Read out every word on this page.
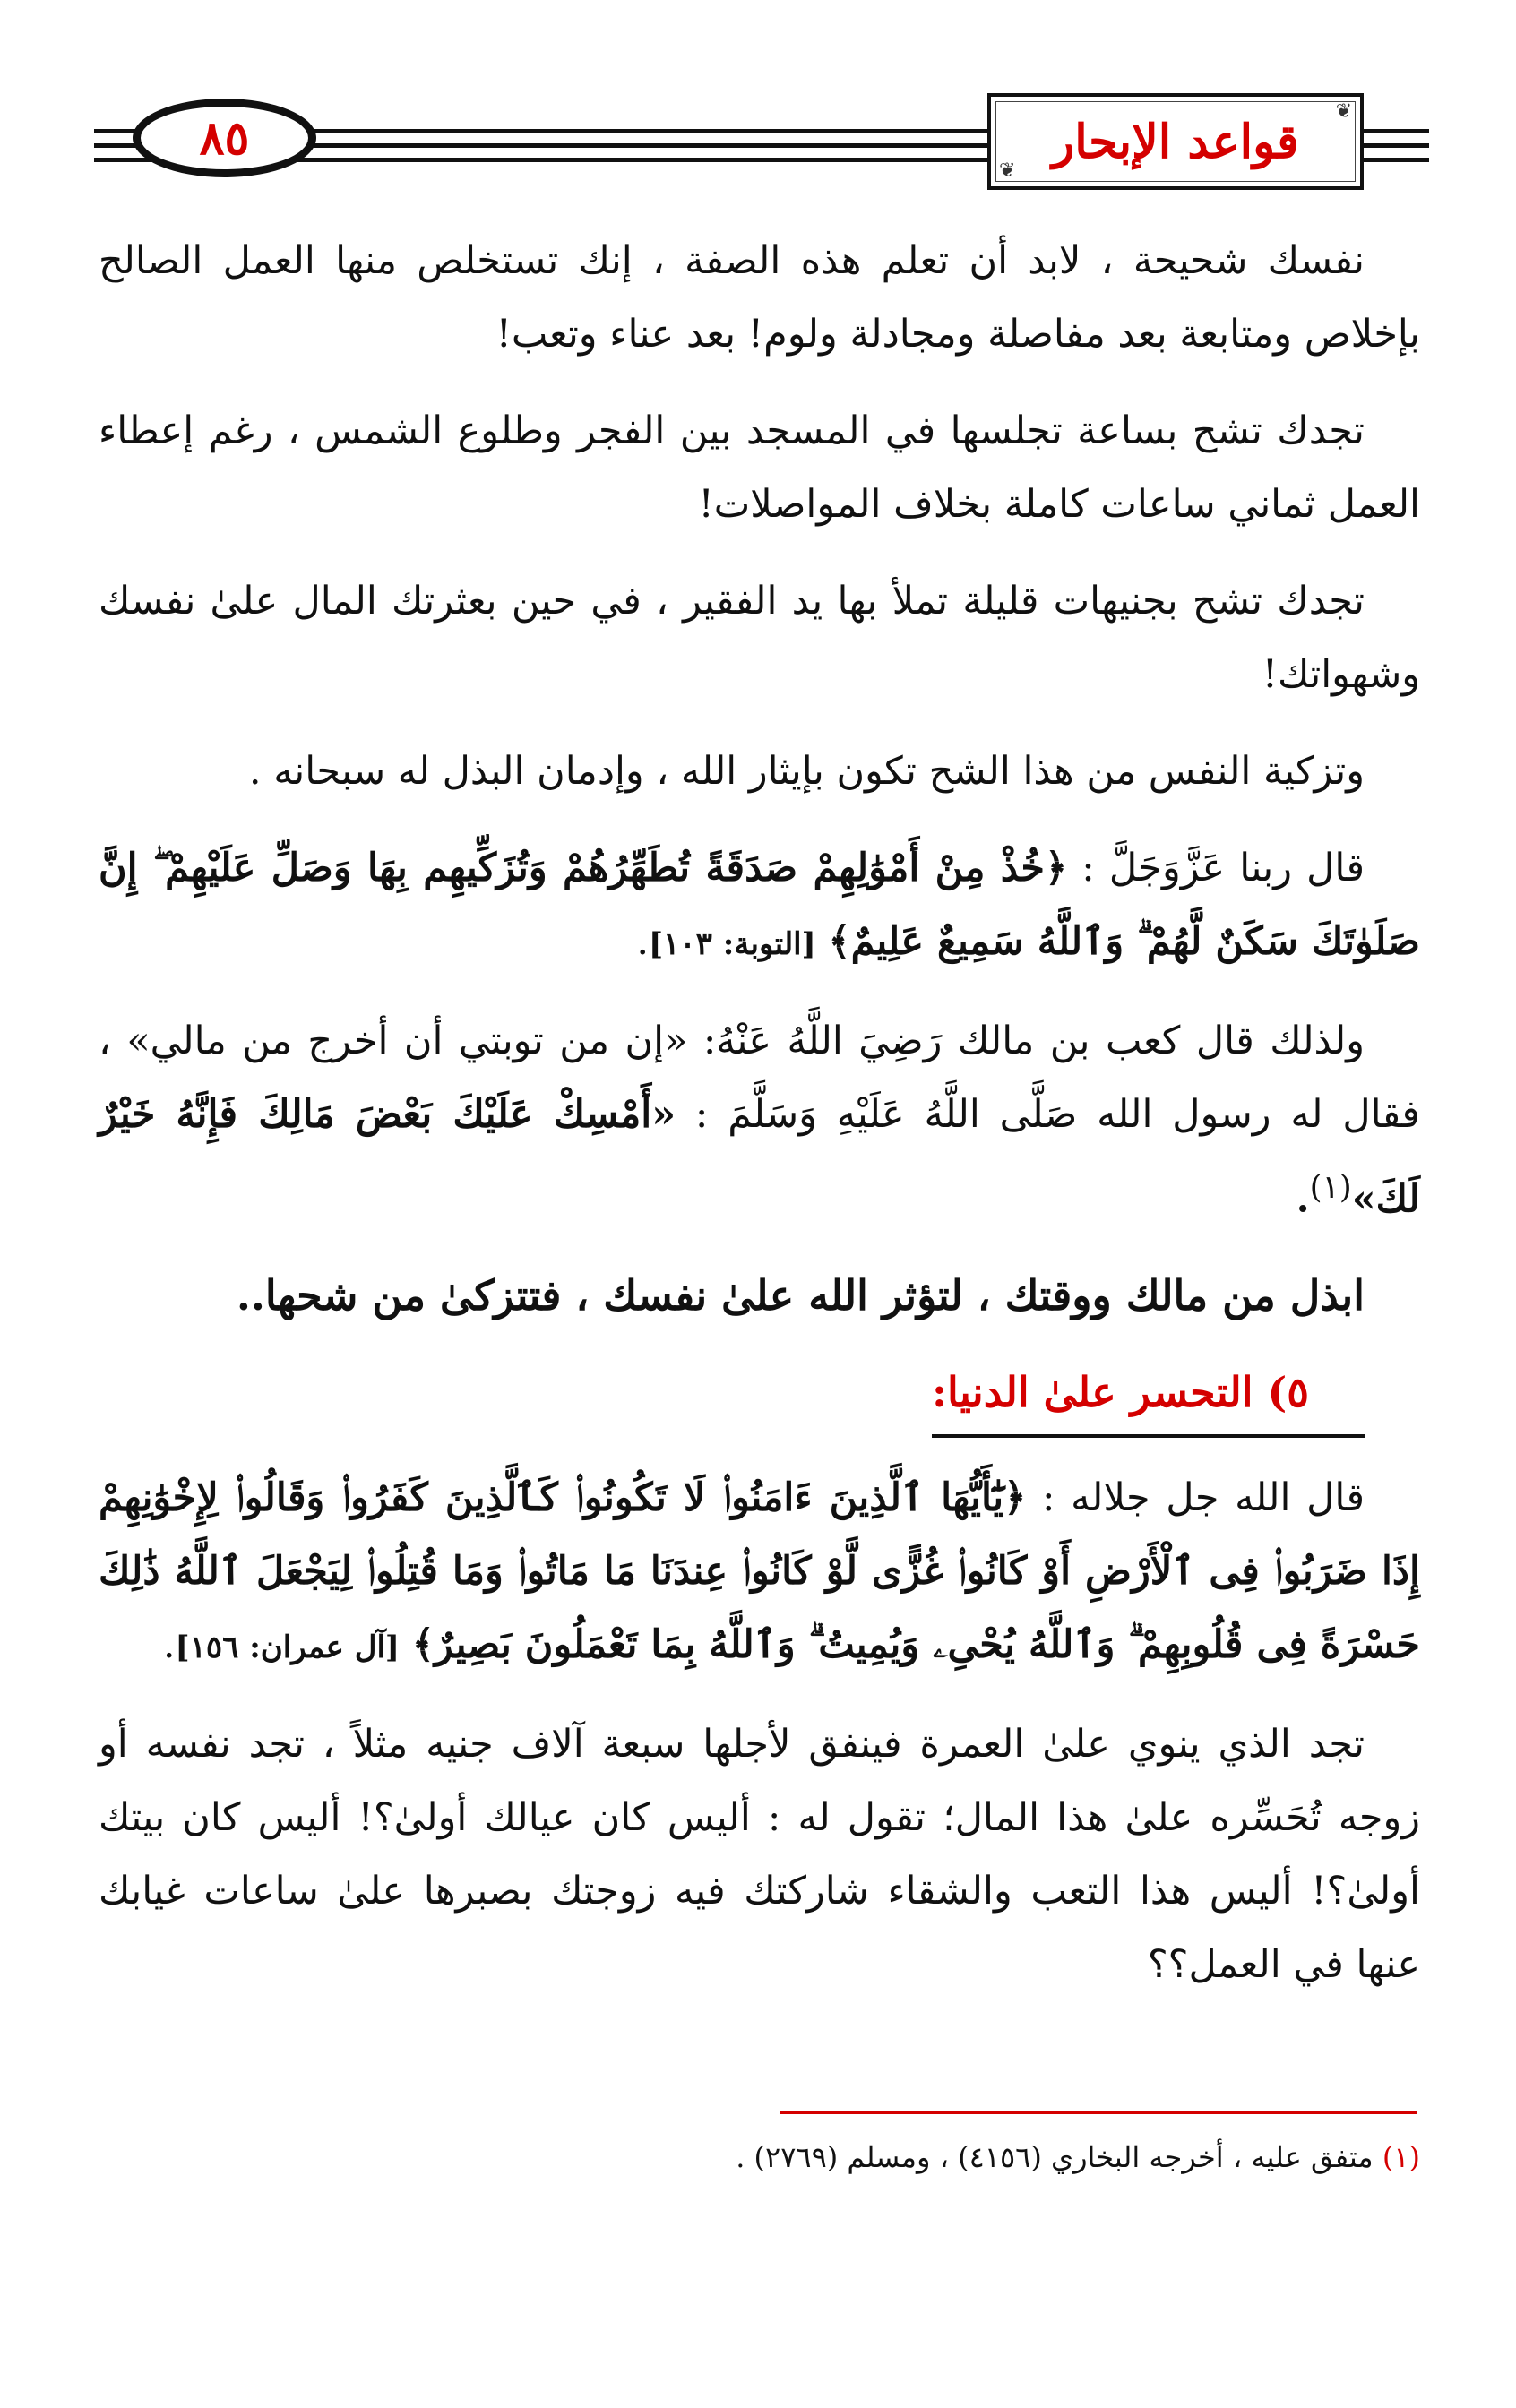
٨٥	❦
قواعد الإبحار
❦

نفسك شحيحة ، لابد أن تعلم هذه الصفة ، إنك تستخلص منها العمل الصالح بإخلاص ومتابعة بعد مفاصلة ومجادلة ولوم! بعد عناء وتعب!

تجدك تشح بساعة تجلسها في المسجد بين الفجر وطلوع الشمس ، رغم إعطاء العمل ثماني ساعات كاملة بخلاف المواصلات!

تجدك تشح بجنيهات قليلة تملأ بها يد الفقير ، في حين بعثرتك المال علىٰ نفسك وشهواتك!

وتزكية النفس من هذا الشح تكون بإيثار الله ، وإدمان البذل له سبحانه .

قال ربنا عَزَّوَجَلَّ : ﴿خُذْ مِنْ أَمْوَٰلِهِمْ صَدَقَةً تُطَهِّرُهُمْ وَتُزَكِّيهِم بِهَا وَصَلِّ عَلَيْهِمْ ۖ إِنَّ صَلَوٰتَكَ سَكَنٌ لَّهُمْ ۗ وَٱللَّهُ سَمِيعٌ عَلِيمٌ﴾ [التوبة: ١٠٣].

ولذلك قال كعب بن مالك رَضِيَ اللَّهُ عَنْهُ: «إن من توبتي أن أخرج من مالي» ، فقال له رسول الله صَلَّى اللَّهُ عَلَيْهِ وَسَلَّمَ : «أَمْسِكْ عَلَيْكَ بَعْضَ مَالِكَ فَإِنَّهُ خَيْرٌ لَكَ»$^{(١)}$.

ابذل من مالك ووقتك ، لتؤثر الله علىٰ نفسك ، فتتزكىٰ من شحها..

٥) التحسر علىٰ الدنيا:

قال الله جل جلاله : ﴿يَٰٓأَيُّهَا ٱلَّذِينَ ءَامَنُوا۟ لَا تَكُونُوا۟ كَٱلَّذِينَ كَفَرُوا۟ وَقَالُوا۟ لِإِخْوَٰنِهِمْ إِذَا ضَرَبُوا۟ فِى ٱلْأَرْضِ أَوْ كَانُوا۟ غُزًّى لَّوْ كَانُوا۟ عِندَنَا مَا مَاتُوا۟ وَمَا قُتِلُوا۟ لِيَجْعَلَ ٱللَّهُ ذَٰلِكَ حَسْرَةً فِى قُلُوبِهِمْ ۗ وَٱللَّهُ يُحْىِۦ وَيُمِيتُ ۗ وَٱللَّهُ بِمَا تَعْمَلُونَ بَصِيرٌ﴾ [آل عمران: ١٥٦].

تجد الذي ينوي علىٰ العمرة فينفق لأجلها سبعة آلاف جنيه مثلاً ، تجد نفسه أو زوجه تُحَسِّره علىٰ هذا المال؛ تقول له : أليس كان عيالك أولىٰ؟! أليس كان بيتك أولىٰ؟! أليس هذا التعب والشقاء شاركتك فيه زوجتك بصبرها علىٰ ساعات غيابك عنها في العمل؟؟

(١) متفق عليه ، أخرجه البخاري (٤١٥٦) ، ومسلم (٢٧٦٩) .
